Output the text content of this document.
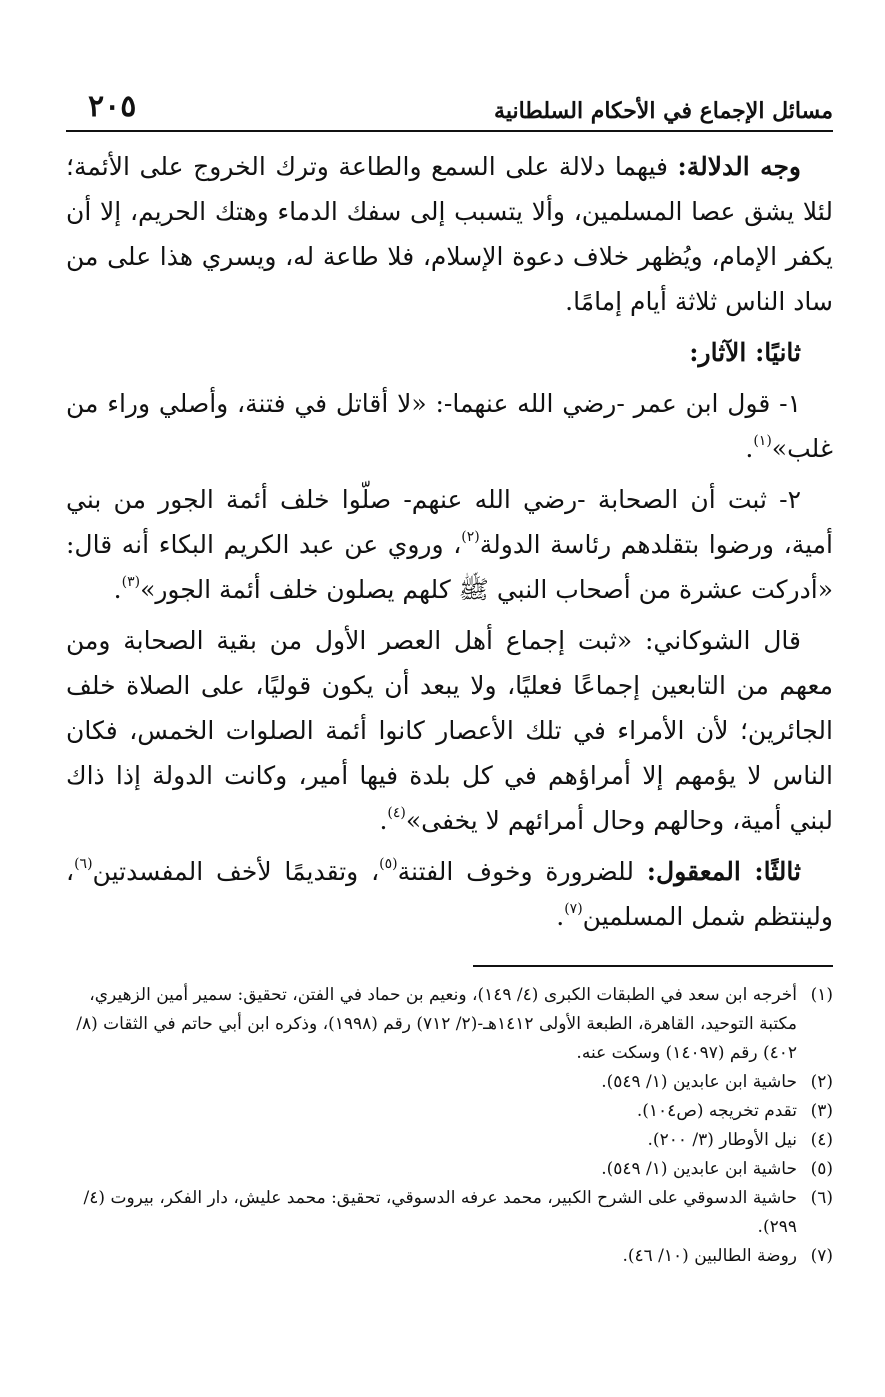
مسائل الإجماع في الأحكام السلطانية
٢٠٥

وجه الدلالة: فيهما دلالة على السمع والطاعة وترك الخروج على الأئمة؛ لئلا يشق عصا المسلمين، وألا يتسبب إلى سفك الدماء وهتك الحريم، إلا أن يكفر الإمام، ويُظهر خلاف دعوة الإسلام، فلا طاعة له، ويسري هذا على من ساد الناس ثلاثة أيام إمامًا.

ثانيًا: الآثار:

١- قول ابن عمر -رضي الله عنهما-: «لا أقاتل في فتنة، وأصلي وراء من غلب»$^{(١)}$.

٢- ثبت أن الصحابة -رضي الله عنهم- صلّوا خلف أئمة الجور من بني أمية، ورضوا بتقلدهم رئاسة الدولة$^{(٢)}$، وروي عن عبد الكريم البكاء أنه قال: «أدركت عشرة من أصحاب النبي ﷺ كلهم يصلون خلف أئمة الجور»$^{(٣)}$.

قال الشوكاني: «ثبت إجماع أهل العصر الأول من بقية الصحابة ومن معهم من التابعين إجماعًا فعليًا، ولا يبعد أن يكون قوليًا، على الصلاة خلف الجائرين؛ لأن الأمراء في تلك الأعصار كانوا أئمة الصلوات الخمس، فكان الناس لا يؤمهم إلا أمراؤهم في كل بلدة فيها أمير، وكانت الدولة إذا ذاك لبني أمية، وحالهم وحال أمرائهم لا يخفى»$^{(٤)}$.

ثالثًا: المعقول: للضرورة وخوف الفتنة$^{(٥)}$، وتقديمًا لأخف المفسدتين$^{(٦)}$، ولينتظم شمل المسلمين$^{(٧)}$.

(١)أخرجه ابن سعد في الطبقات الكبرى (٤/ ١٤٩)، ونعيم بن حماد في الفتن، تحقيق: سمير أمين الزهيري، مكتبة التوحيد، القاهرة، الطبعة الأولى ١٤١٢هـ-(٢/ ٧١٢) رقم (١٩٩٨)، وذكره ابن أبي حاتم في الثقات (٨/ ٤٠٢) رقم (١٤٠٩٧) وسكت عنه.

(٢)حاشية ابن عابدين (١/ ٥٤٩).

(٣)تقدم تخريجه (ص١٠٤).

(٤)نيل الأوطار (٣/ ٢٠٠).

(٥)حاشية ابن عابدين (١/ ٥٤٩).

(٦)حاشية الدسوقي على الشرح الكبير، محمد عرفه الدسوقي، تحقيق: محمد عليش، دار الفكر، بيروت (٤/ ٢٩٩).

(٧)روضة الطالبين (١٠/ ٤٦).
